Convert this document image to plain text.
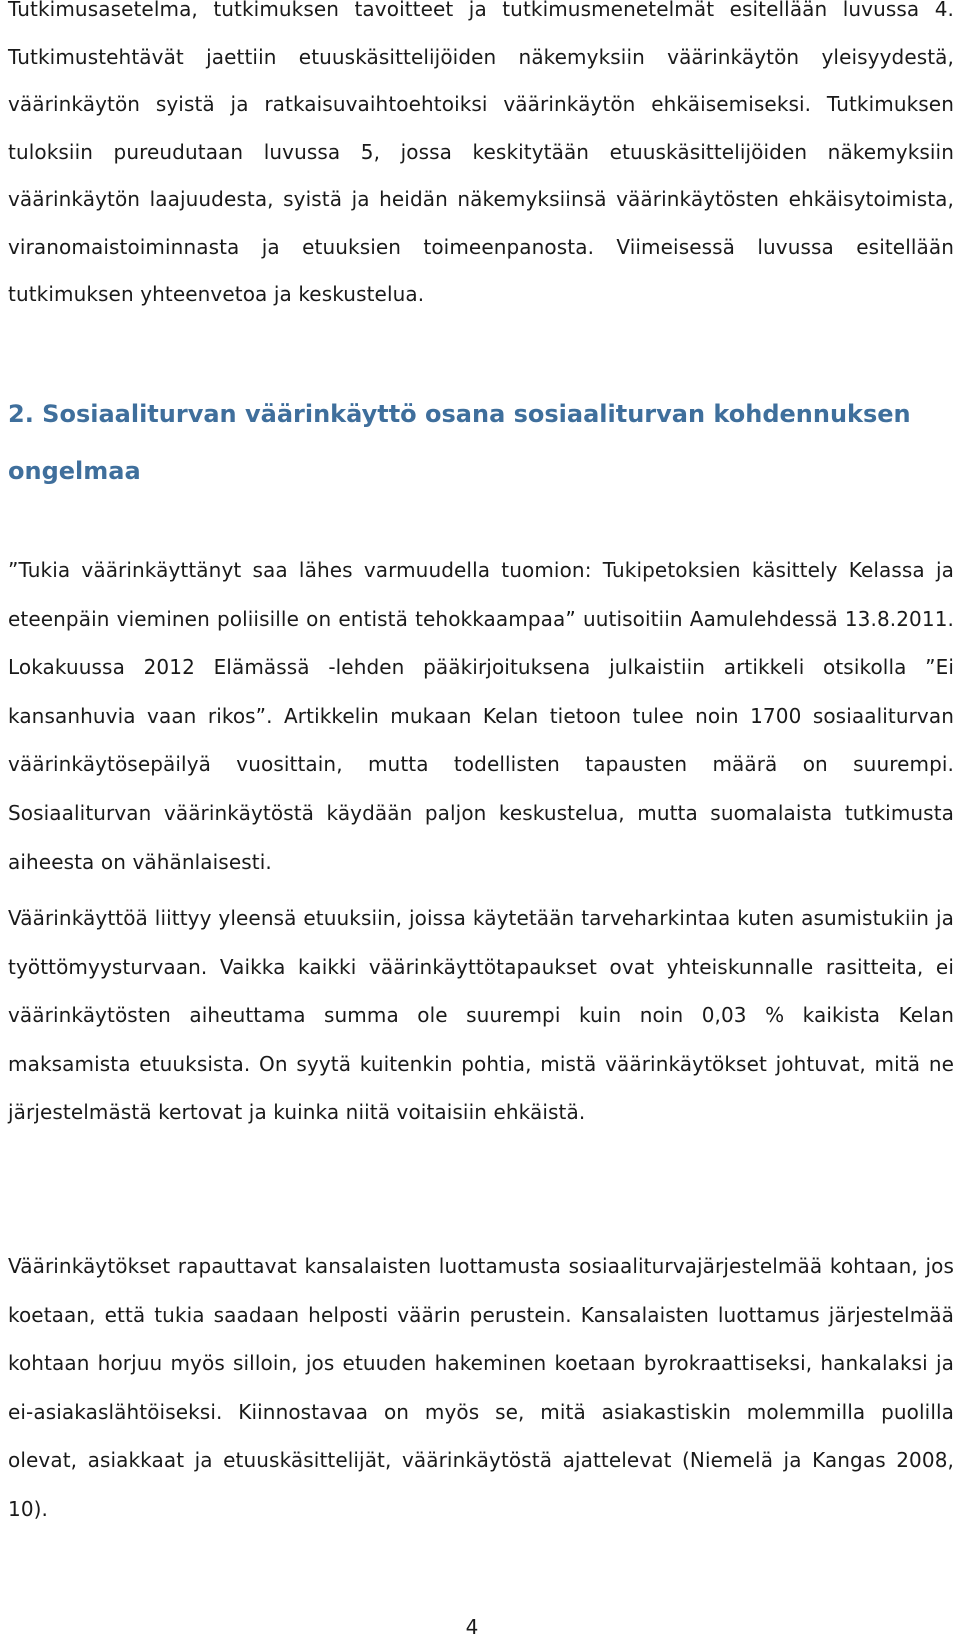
Tutkimusasetelma, tutkimuksen tavoitteet ja tutkimusmenetelmät esitellään luvussa 4. Tutkimustehtävät jaettiin etuuskäsittelijöiden näkemyksiin väärinkäytön yleisyydestä, väärinkäytön syistä ja ratkaisuvaihtoehtoiksi väärinkäytön ehkäisemiseksi. Tutkimuksen tuloksiin pureudutaan luvussa 5, jossa keskitytään etuuskäsittelijöiden näkemyksiin väärinkäytön laajuudesta, syistä ja heidän näkemyksiinsä väärinkäytösten ehkäisytoimista, viranomaistoiminnasta ja etuuksien toimeenpanosta. Viimeisessä luvussa esitellään tutkimuksen yhteenvetoa ja keskustelua.

2. Sosiaaliturvan väärinkäyttö osana sosiaaliturvan kohdennuksen ongelmaa

”Tukia väärinkäyttänyt saa lähes varmuudella tuomion: Tukipetoksien käsittely Kelassa ja eteenpäin vieminen poliisille on entistä tehokkaampaa” uutisoitiin Aamulehdessä 13.8.2011. Lokakuussa 2012 Elämässä -lehden pääkirjoituksena julkaistiin artikkeli otsikolla ”Ei kansanhuvia vaan rikos”. Artikkelin mukaan Kelan tietoon tulee noin 1700 sosiaaliturvan väärinkäytösepäilyä vuosittain, mutta todellisten tapausten määrä on suurempi. Sosiaaliturvan väärinkäytöstä käydään paljon keskustelua, mutta suomalaista tutkimusta aiheesta on vähänlaisesti.

Väärinkäyttöä liittyy yleensä etuuksiin, joissa käytetään tarveharkintaa kuten asumistukiin ja työttömyysturvaan. Vaikka kaikki väärinkäyttötapaukset ovat yhteiskunnalle rasitteita, ei väärinkäytösten aiheuttama summa ole suurempi kuin noin 0,03 % kaikista Kelan maksamista etuuksista. On syytä kuitenkin pohtia, mistä väärinkäytökset johtuvat, mitä ne järjestelmästä kertovat ja kuinka niitä voitaisiin ehkäistä.

Väärinkäytökset rapauttavat kansalaisten luottamusta sosiaaliturvajärjestelmää kohtaan, jos koetaan, että tukia saadaan helposti väärin perustein. Kansalaisten luottamus järjestelmää kohtaan horjuu myös silloin, jos etuuden hakeminen koetaan byrokraattiseksi, hankalaksi ja ei-asiakaslähtöiseksi. Kiinnostavaa on myös se, mitä asiakastiskin molemmilla puolilla olevat, asiakkaat ja etuuskäsittelijät, väärinkäytöstä ajattelevat (Niemelä ja Kangas 2008, 10).

4
